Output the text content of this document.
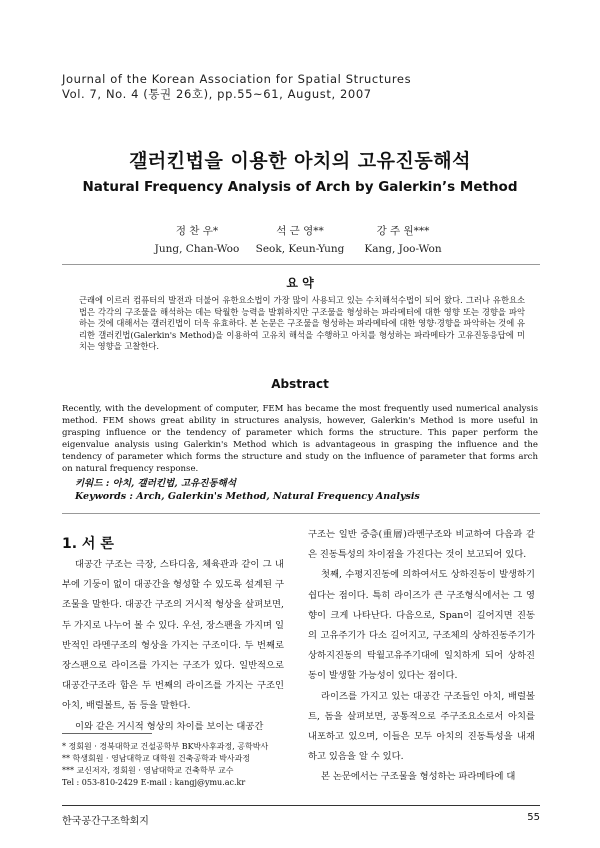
Journal of the Korean Association for Spatial Structures
Vol. 7, No. 4 (통권 26호), pp.55~61, August, 2007
갤러킨법을 이용한 아치의 고유진동해석
Natural Frequency Analysis of Arch by Galerkin’s Method
정 찬 우*
Jung, Chan-Woo
석 근 영**
Seok, Keun-Yung
강 주 원***
Kang, Joo-Won
요 약
근래에 이르러 컴퓨터의 발전과 더불어 유한요소법이 가장 많이 사용되고 있는 수치해석수법이 되어 왔다. 그러나 유한요소법은 각각의 구조물을 해석하는 데는 탁월한 능력을 발휘하지만 구조물을 형성하는 파라메터에 대한 영향 또는 경향을 파악하는 것에 대해서는 갤러킨법이 더욱 유효하다. 본 논문은 구조물을 형성하는 파라메타에 대한 영향·경향을 파악하는 것에 유리한 갤러킨법(Galerkin's Method)을 이용하여 고유치 해석을 수행하고 아치를 형성하는 파라메타가 고유진동응답에 미치는 영향을 고찰한다.
Abstract
Recently, with the development of computer, FEM has became the most frequently used numerical analysis method. FEM shows great ability in structures analysis, however, Galerkin's Method is more useful in grasping influence or the tendency of parameter which forms the structure. This paper perform the eigenvalue analysis using Galerkin's Method which is advantageous in grasping the influence and the tendency of parameter which forms the structure and study on the influence of parameter that forms arch on natural frequency response.
키워드 : 아치, 갤러킨법, 고유진동해석
Keywords : Arch, Galerkin's Method, Natural Frequency Analysis
1. 서 론

대공간 구조는 극장, 스타디움, 체육관과 같이 그 내부에 기둥이 없이 대공간을 형성할 수 있도록 설계된 구조물을 말한다. 대공간 구조의 거시적 형상을 살펴보면, 두 가지로 나누어 볼 수 있다. 우선, 장스팬을 가지며 일반적인 라멘구조의 형상을 가지는 구조이다. 두 번째로 장스팬으로 라이즈를 가지는 구조가 있다. 일반적으로 대공간구조라 함은 두 번째의 라이즈를 가지는 구조인 아치, 배럴볼트, 돔 등을 말한다.

이와 같은 거시적 형상의 차이를 보이는 대공간

* 정회원 · 경북대학교 건설공학부 BK박사후과정, 공학박사
** 학생회원 · 영남대학교 대학원 건축공학과 박사과정
*** 교신저자, 정회원 · 영남대학교 건축학부 교수
Tel : 053-810-2429 E-mail : kangj@ymu.ac.kr

구조는 일반 중층(重層)라멘구조와 비교하여 다음과 같은 진동특성의 차이점을 가진다는 것이 보고되어 있다.

첫째, 수평지진동에 의하여서도 상하진동이 발생하기 쉽다는 점이다. 특히 라이즈가 큰 구조형식에서는 그 영향이 크게 나타난다. 다음으로, Span이 길어지면 진동의 고유주기가 다소 길어지고, 구조체의 상하진동주기가 상하지진동의 탁월고유주기대에 일치하게 되어 상하진동이 발생할 가능성이 있다는 점이다.

라이즈를 가지고 있는 대공간 구조들인 아치, 배럴볼트, 돔을 살펴보면, 공통적으로 주구조요소로서 아치를 내포하고 있으며, 이들은 모두 아치의 진동특성을 내재하고 있음을 알 수 있다.

본 논문에서는 구조물을 형성하는 파라메타에 대

한국공간구조학회지	55
